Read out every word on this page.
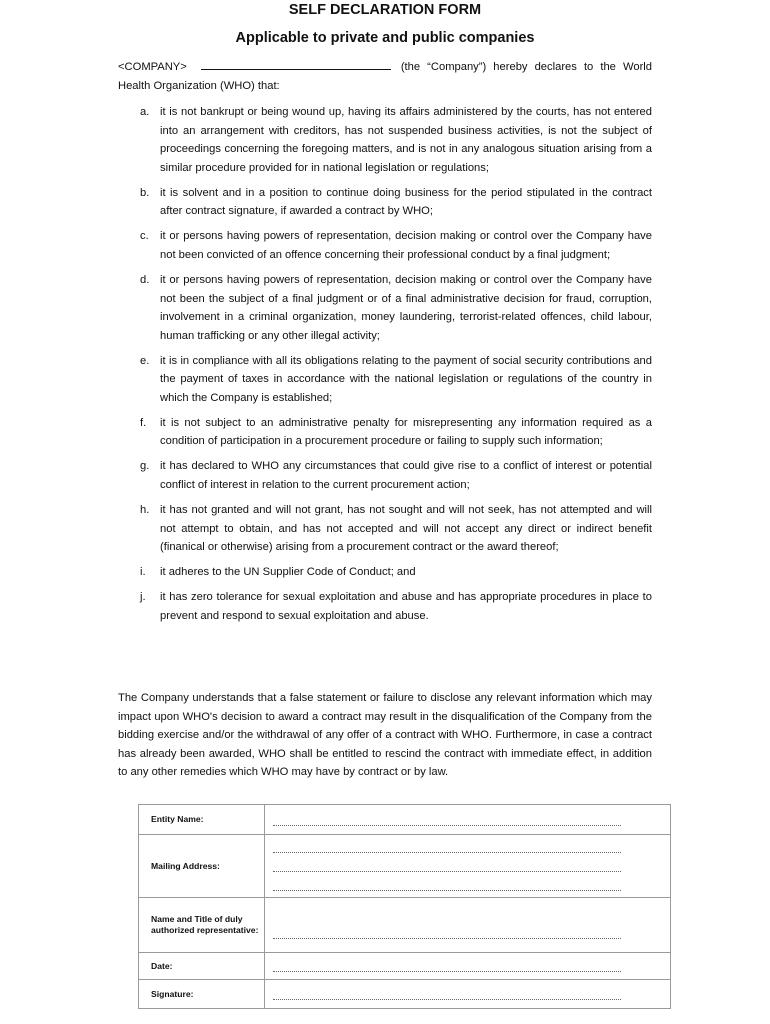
SELF DECLARATION FORM
Applicable to private and public companies
<COMPANY>	(the “Company”) hereby declares to the World Health Organization (WHO) that:
a. it is not bankrupt or being wound up, having its affairs administered by the courts, has not entered into an arrangement with creditors, has not suspended business activities, is not the subject of proceedings concerning the foregoing matters, and is not in any analogous situation arising from a similar procedure provided for in national legislation or regulations;
b. it is solvent and in a position to continue doing business for the period stipulated in the contract after contract signature, if awarded a contract by WHO;
c.	it or persons having powers of representation, decision making or control over the Company have not been convicted of an offence concerning their professional conduct by a final judgment;
d. it or persons having powers of representation, decision making or control over the Company have not been the subject of a final judgment or of a final administrative decision for fraud, corruption, involvement in a criminal organization, money laundering, terrorist-related offences, child labour, human trafficking or any other illegal activity;
e. it is in compliance with all its obligations relating to the payment of social security contributions and the payment of taxes in accordance with the national legislation or regulations of the country in which the Company is established;
f.	it is not subject to an administrative penalty for misrepresenting any information required as a condition of participation in a procurement procedure or failing to supply such information;
g. it has declared to WHO any circumstances that could give rise to a conflict of interest or potential conflict of interest in relation to the current procurement action;
h. it has not granted and will not grant, has not sought and will not seek, has not attempted and will not attempt to obtain, and has not accepted and will not accept any direct or indirect benefit (finanical or otherwise) arising from a procurement contract or the award thereof;
i.	it adheres to the UN Supplier Code of Conduct; and
j.	it has zero tolerance for sexual exploitation and abuse and has appropriate procedures in place to prevent and respond to sexual exploitation and abuse.
The Company understands that a false statement or failure to disclose any relevant information which may impact upon WHO's decision to award a contract may result in the disqualification of the Company from the bidding exercise and/or the withdrawal of any offer of a contract with WHO. Furthermore, in case a contract has already been awarded, WHO shall be entitled to rescind the contract with immediate effect, in addition to any other remedies which WHO may have by contract or by law.
Entity Name:	

Mailing Address:	

Name and Title of duly authorized representative:	

Date:	

Signature:	
